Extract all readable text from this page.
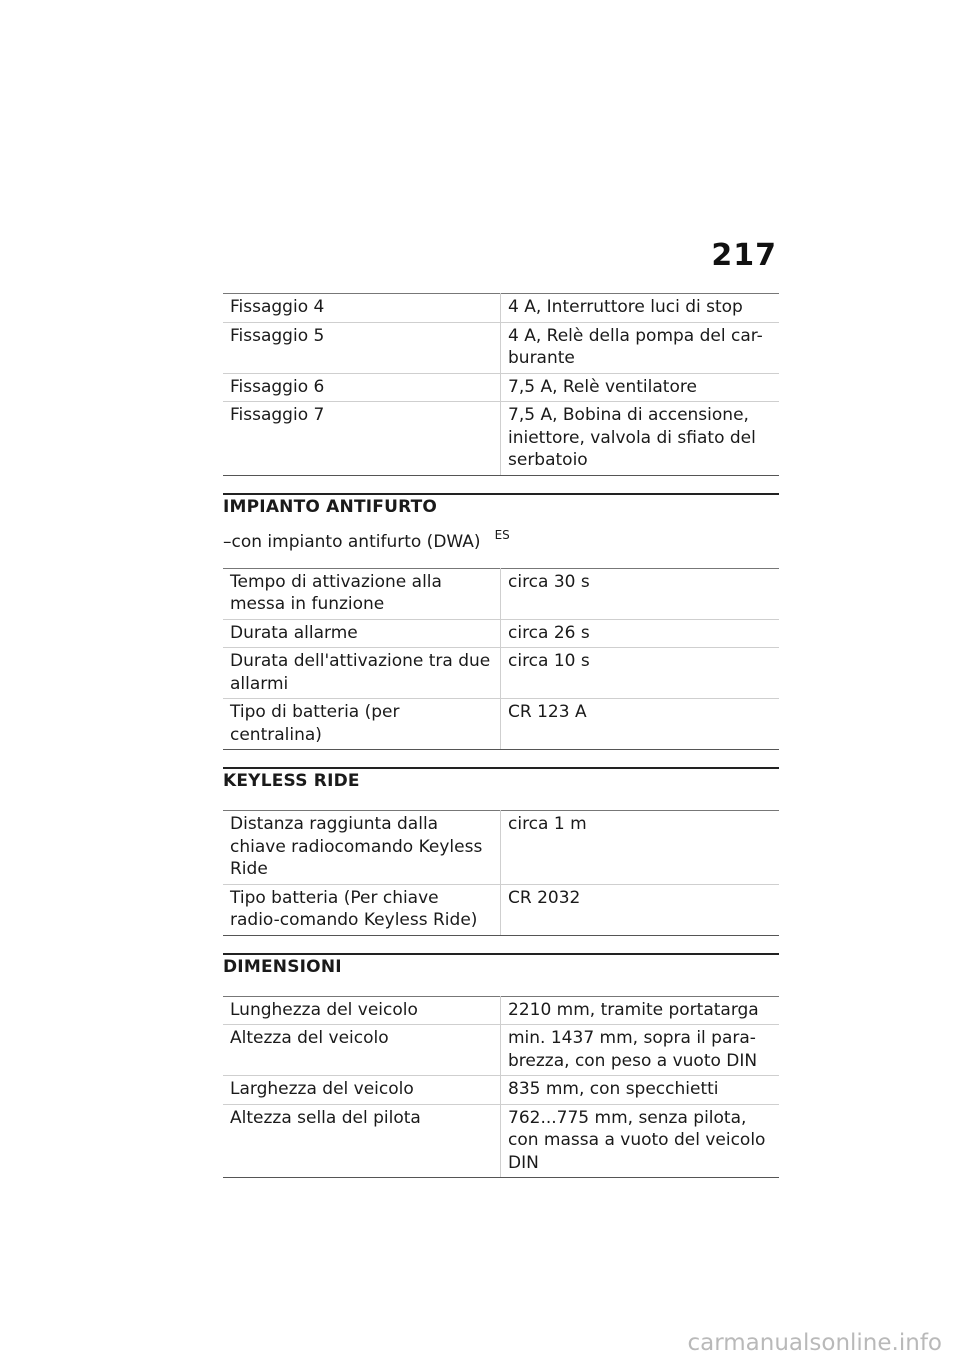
217
Fissaggio 4	4 A, Interruttore luci di stop
Fissaggio 5	4 A, Relè della pompa del car-burante
Fissaggio 6	7,5 A, Relè ventilatore
Fissaggio 7	7,5 A, Bobina di accensione, iniettore, valvola di sfiato del serbatoio
IMPIANTO ANTIFURTO
–con impianto antifurto (DWA) $^{ES}$
Tempo di attivazione alla messa in funzione	circa 30 s
Durata allarme	circa 26 s
Durata dell'attivazione tra due allarmi	circa 10 s
Tipo di batteria (per centralina)	CR 123 A
KEYLESS RIDE
Distanza raggiunta dalla chiave radiocomando Keyless Ride	circa 1 m
Tipo batteria (Per chiave radio-comando Keyless Ride)	CR 2032
DIMENSIONI
Lunghezza del veicolo	2210 mm, tramite portatarga
Altezza del veicolo	min. 1437 mm, sopra il para-brezza, con peso a vuoto DIN
Larghezza del veicolo	835 mm, con specchietti
Altezza sella del pilota	762...775 mm, senza pilota, con massa a vuoto del veicolo DIN
carmanualsonline.info
